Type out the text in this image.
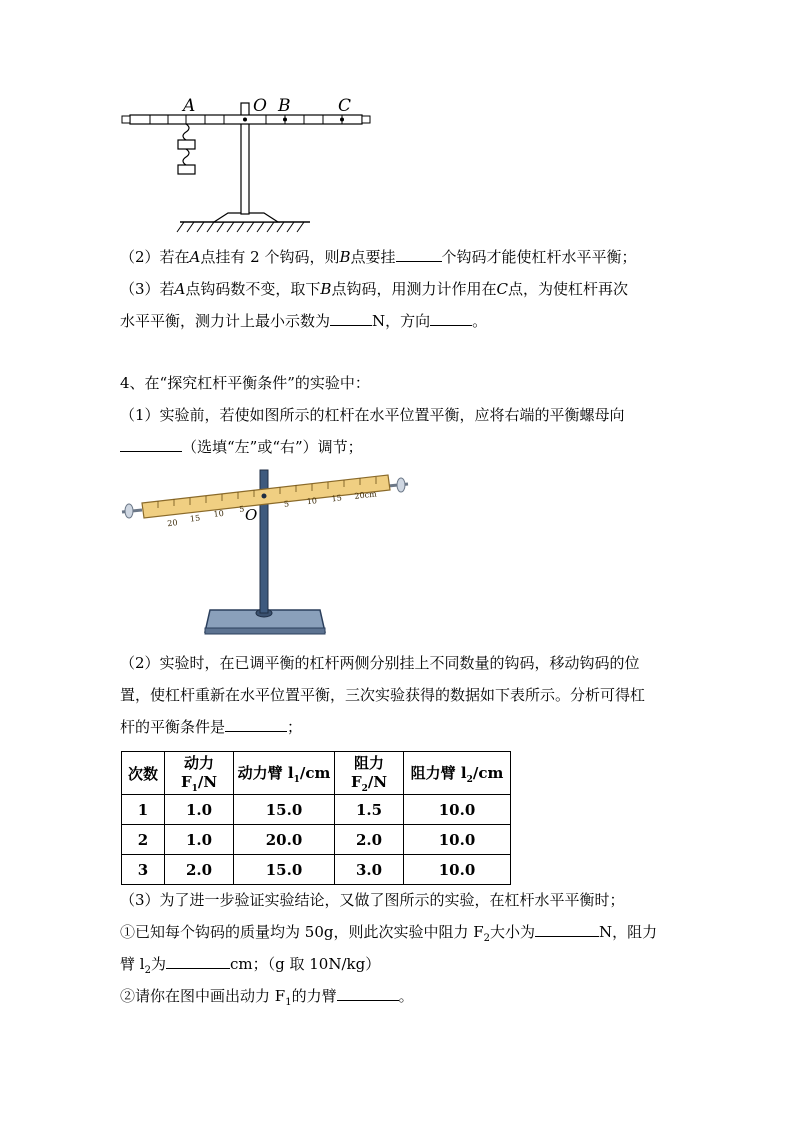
A	O B	C
（2）若在A点挂有 2 个钩码，则B点要挂	个钩码才能使杠杆水平平衡；
（3）若A点钩码数不变，取下B点钩码，用测力计作用在C点，为使杠杆再次
水平平衡，测力计上最小示数为	N，方向	。
4、在“探究杠杆平衡条件”的实验中：
（1）实验前，若使如图所示的杠杆在水平位置平衡，应将右端的平衡螺母向
（选填“左”或“右”）调节；
20 15 10 5
5 10 15 20cm
O
（2）实验时，在已调平衡的杠杆两侧分别挂上不同数量的钩码，移动钩码的位
置，使杠杆重新在水平位置平衡，三次实验获得的数据如下表所示。分析可得杠
杆的平衡条件是	；
次数	动力 $F_1/N$	动力臂 $l_1/cm$	阻力 $F_2/N$	阻力臂 $l_2/cm$
1	1.0	15.0	1.5	10.0
2	1.0	20.0	2.0	10.0
3	2.0	15.0	3.0	10.0
（3）为了进一步验证实验结论，又做了图所示的实验，在杠杆水平平衡时；
①已知每个钩码的质量均为 50g，则此次实验中阻力 $F_2$大小为	N，阻力
臂 $l_2$为	cm；（g 取 10N/kg）
②请你在图中画出动力 $F_1$的力臂	。
